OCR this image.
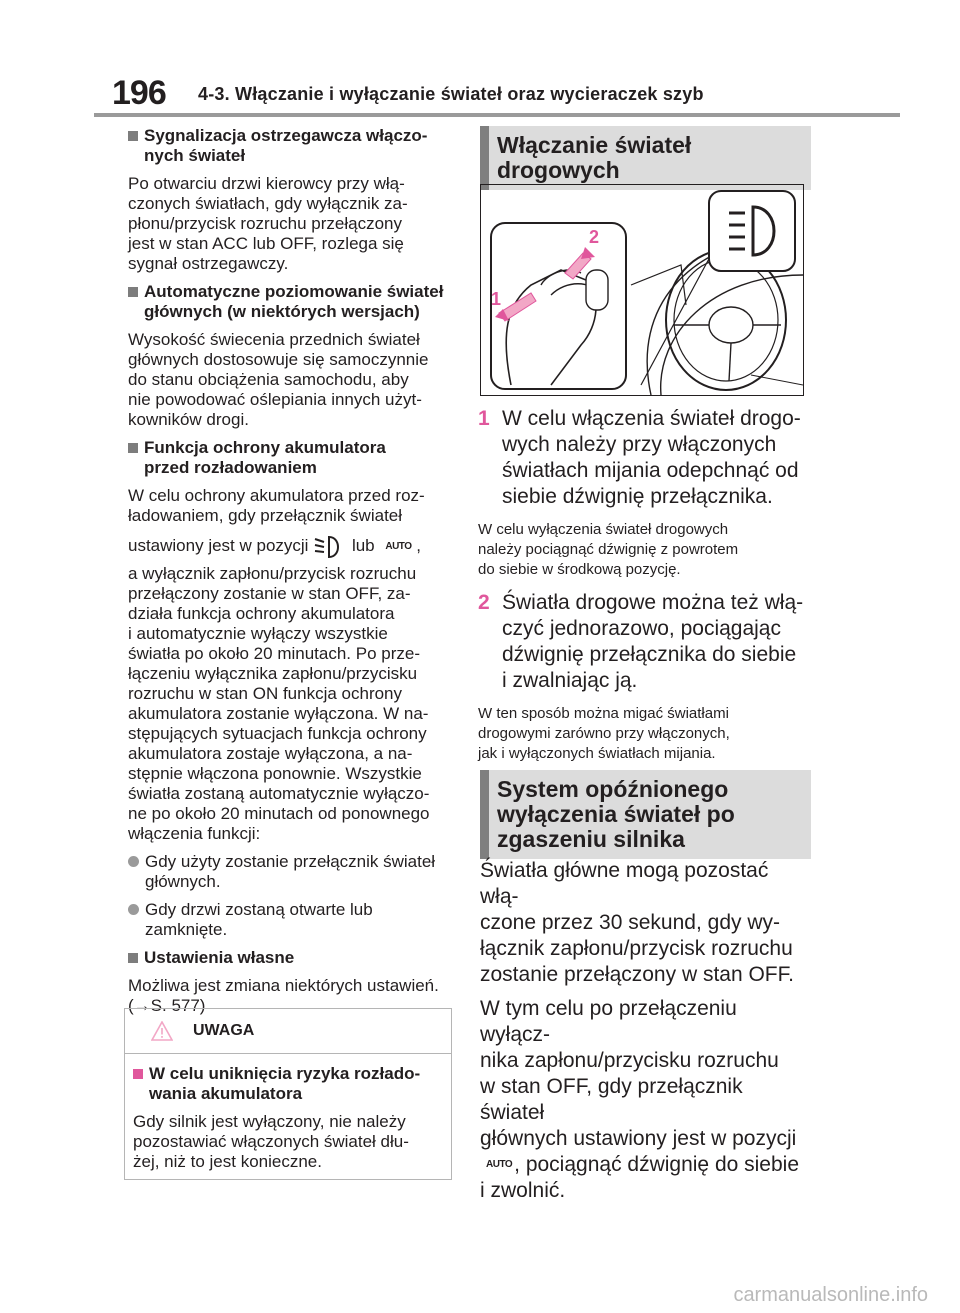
196 4-3. Włączanie i wyłączanie świateł oraz wycieraczek szyb
Sygnalizacja ostrzegawcza włączo-
nych świateł
Po otwarciu drzwi kierowcy przy włą-
czonych światłach, gdy wyłącznik za-
płonu/przycisk rozruchu przełączony
jest w stan ACC lub OFF, rozlega się
sygnał ostrzegawczy.
Automatyczne poziomowanie świateł
głównych (w niektórych wersjach)
Wysokość świecenia przednich świateł
głównych dostosowuje się samoczynnie
do stanu obciążenia samochodu, aby
nie powodować oślepiania innych użyt-
kowników drogi.
Funkcja ochrony akumulatora
przed rozładowaniem
W celu ochrony akumulatora przed roz-
ładowaniem, gdy przełącznik świateł
ustawiony jest w pozycji	lub AUTO ,
a wyłącznik zapłonu/przycisk rozruchu
przełączony zostanie w stan OFF, za-
działa funkcja ochrony akumulatora
i automatycznie wyłączy wszystkie
światła po około 20 minutach. Po prze-
łączeniu wyłącznika zapłonu/przycisku
rozruchu w stan ON funkcja ochrony
akumulatora zostanie wyłączona. W na-
stępujących sytuacjach funkcja ochrony
akumulatora zostaje wyłączona, a na-
stępnie włączona ponownie. Wszystkie
światła zostaną automatycznie wyłączo-
ne po około 20 minutach od ponownego
włączenia funkcji:
Gdy użyty zostanie przełącznik świateł
głównych.
Gdy drzwi zostaną otwarte lub
zamknięte.
Ustawienia własne
Możliwa jest zmiana niektórych ustawień.
(→S. 577)
UWAGA
W celu uniknięcia ryzyka rozłado-
wania akumulatora
Gdy silnik jest wyłączony, nie należy
pozostawiać włączonych świateł dłu-
żej, niż to jest konieczne.
Włączanie świateł drogowych
1
2
1 W celu włączenia świateł drogo-
wych należy przy włączonych
światłach mijania odepchnąć od
siebie dźwignię przełącznika.
W celu wyłączenia świateł drogowych
należy pociągnąć dźwignię z powrotem
do siebie w środkową pozycję.
2 Światła drogowe można też włą-
czyć jednorazowo, pociągając
dźwignię przełącznika do siebie
i zwalniając ją.
W ten sposób można migać światłami
drogowymi zarówno przy włączonych,
jak i wyłączonych światłach mijania.
System opóźnionego
wyłączenia świateł po
zgaszeniu silnika
Światła główne mogą pozostać włą-
czone przez 30 sekund, gdy wy-
łącznik zapłonu/przycisk rozruchu
zostanie przełączony w stan OFF.
W tym celu po przełączeniu wyłącz-
nika zapłonu/przycisku rozruchu
w stan OFF, gdy przełącznik świateł
głównych ustawiony jest w pozycji
AUTO, pociągnąć dźwignię do siebie
i zwolnić.
carmanualsonline.info
